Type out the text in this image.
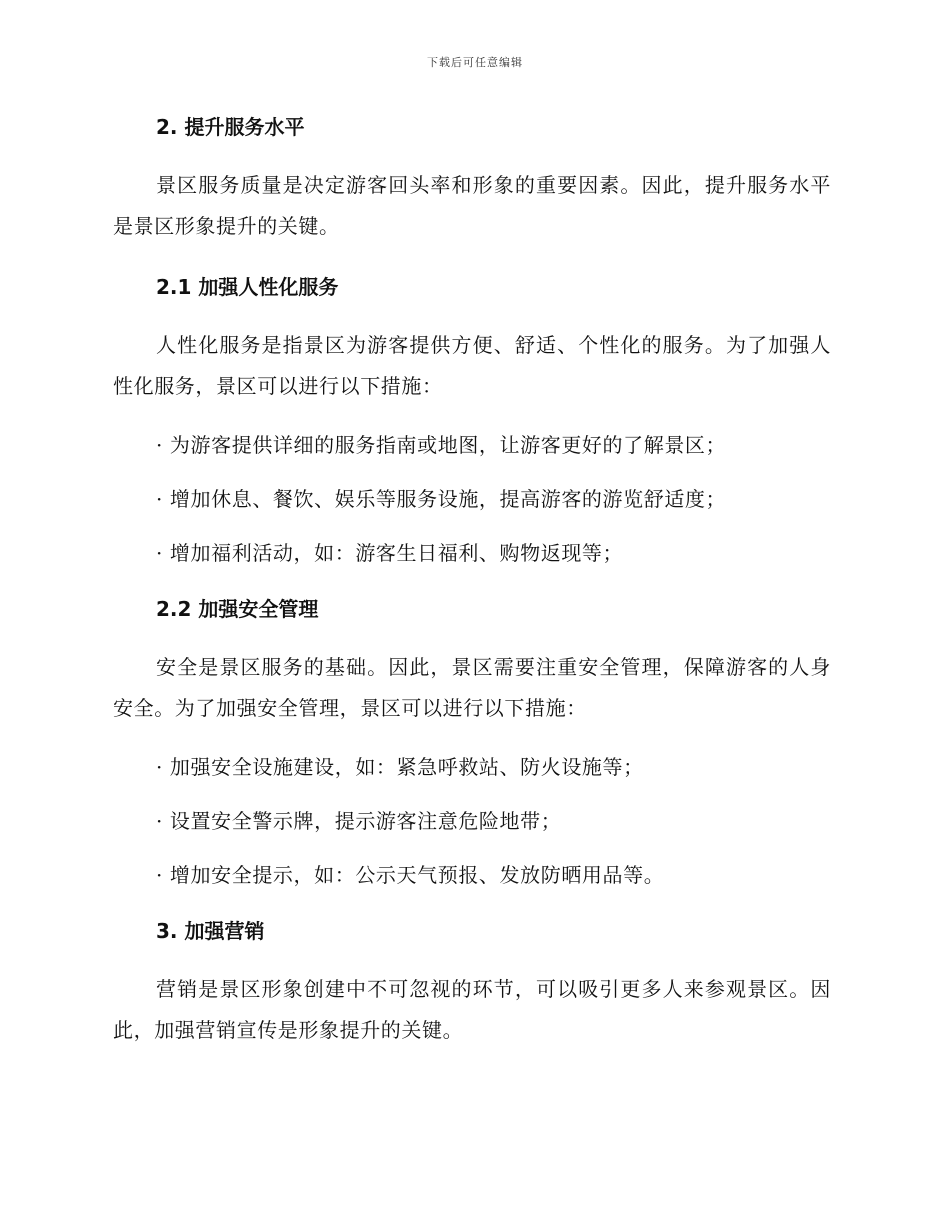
下载后可任意编辑
2. 提升服务水平

景区服务质量是决定游客回头率和形象的重要因素。因此，提升服务水平是景区形象提升的关键。

2.1 加强人性化服务

人性化服务是指景区为游客提供方便、舒适、个性化的服务。为了加强人性化服务，景区可以进行以下措施：

· 为游客提供详细的服务指南或地图，让游客更好的了解景区；

· 增加休息、餐饮、娱乐等服务设施，提高游客的游览舒适度；

· 增加福利活动，如：游客生日福利、购物返现等；

2.2 加强安全管理

安全是景区服务的基础。因此，景区需要注重安全管理，保障游客的人身安全。为了加强安全管理，景区可以进行以下措施：

· 加强安全设施建设，如：紧急呼救站、防火设施等；

· 设置安全警示牌，提示游客注意危险地带；

· 增加安全提示，如：公示天气预报、发放防晒用品等。

3. 加强营销

营销是景区形象创建中不可忽视的环节，可以吸引更多人来参观景区。因此，加强营销宣传是形象提升的关键。
